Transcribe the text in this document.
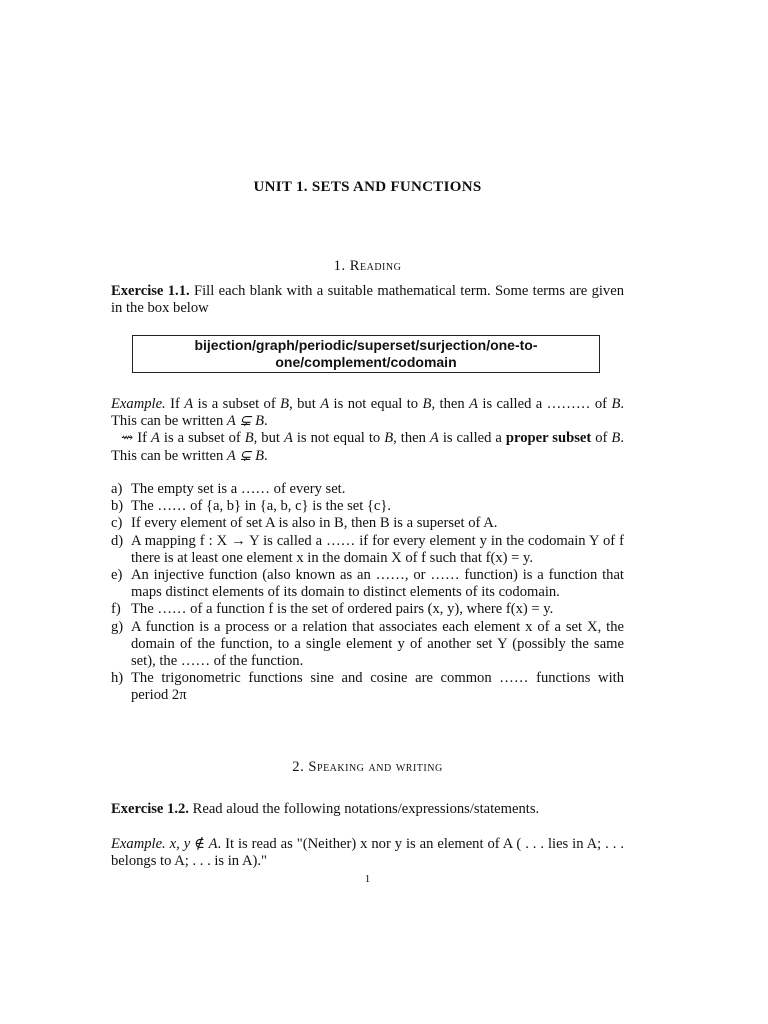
UNIT 1. SETS AND FUNCTIONS
1. Reading

Exercise 1.1. Fill each blank with a suitable mathematical term. Some terms are given in the box below

bijection/graph/periodic/superset/surjection/one-to-one/complement/codomain

Example. If A is a subset of B, but A is not equal to B, then A is called a ……… of B. This can be written A ⊊ B.

⇝ If A is a subset of B, but A is not equal to B, then A is called a proper subset of B. This can be written A ⊊ B.

a) The empty set is a …… of every set.
b) The …… of {a, b} in {a, b, c} is the set {c}.
c) If every element of set A is also in B, then B is a superset of A.
d) A mapping f : X → Y is called a …… if for every element y in the codomain Y of f there is at least one element x in the domain X of f such that f(x) = y.
e) An injective function (also known as an ……, or …… function) is a function that maps distinct elements of its domain to distinct elements of its codomain.
f) The …… of a function f is the set of ordered pairs (x, y), where f(x) = y.
g) A function is a process or a relation that associates each element x of a set X, the domain of the function, to a single element y of another set Y (possibly the same set), the …… of the function.
h) The trigonometric functions sine and cosine are common …… functions with period 2π
2. Speaking and writing

Exercise 1.2. Read aloud the following notations/expressions/statements.

Example. x, y ∉ A. It is read as "(Neither) x nor y is an element of A ( . . . lies in A; . . . belongs to A; . . . is in A)."

1
